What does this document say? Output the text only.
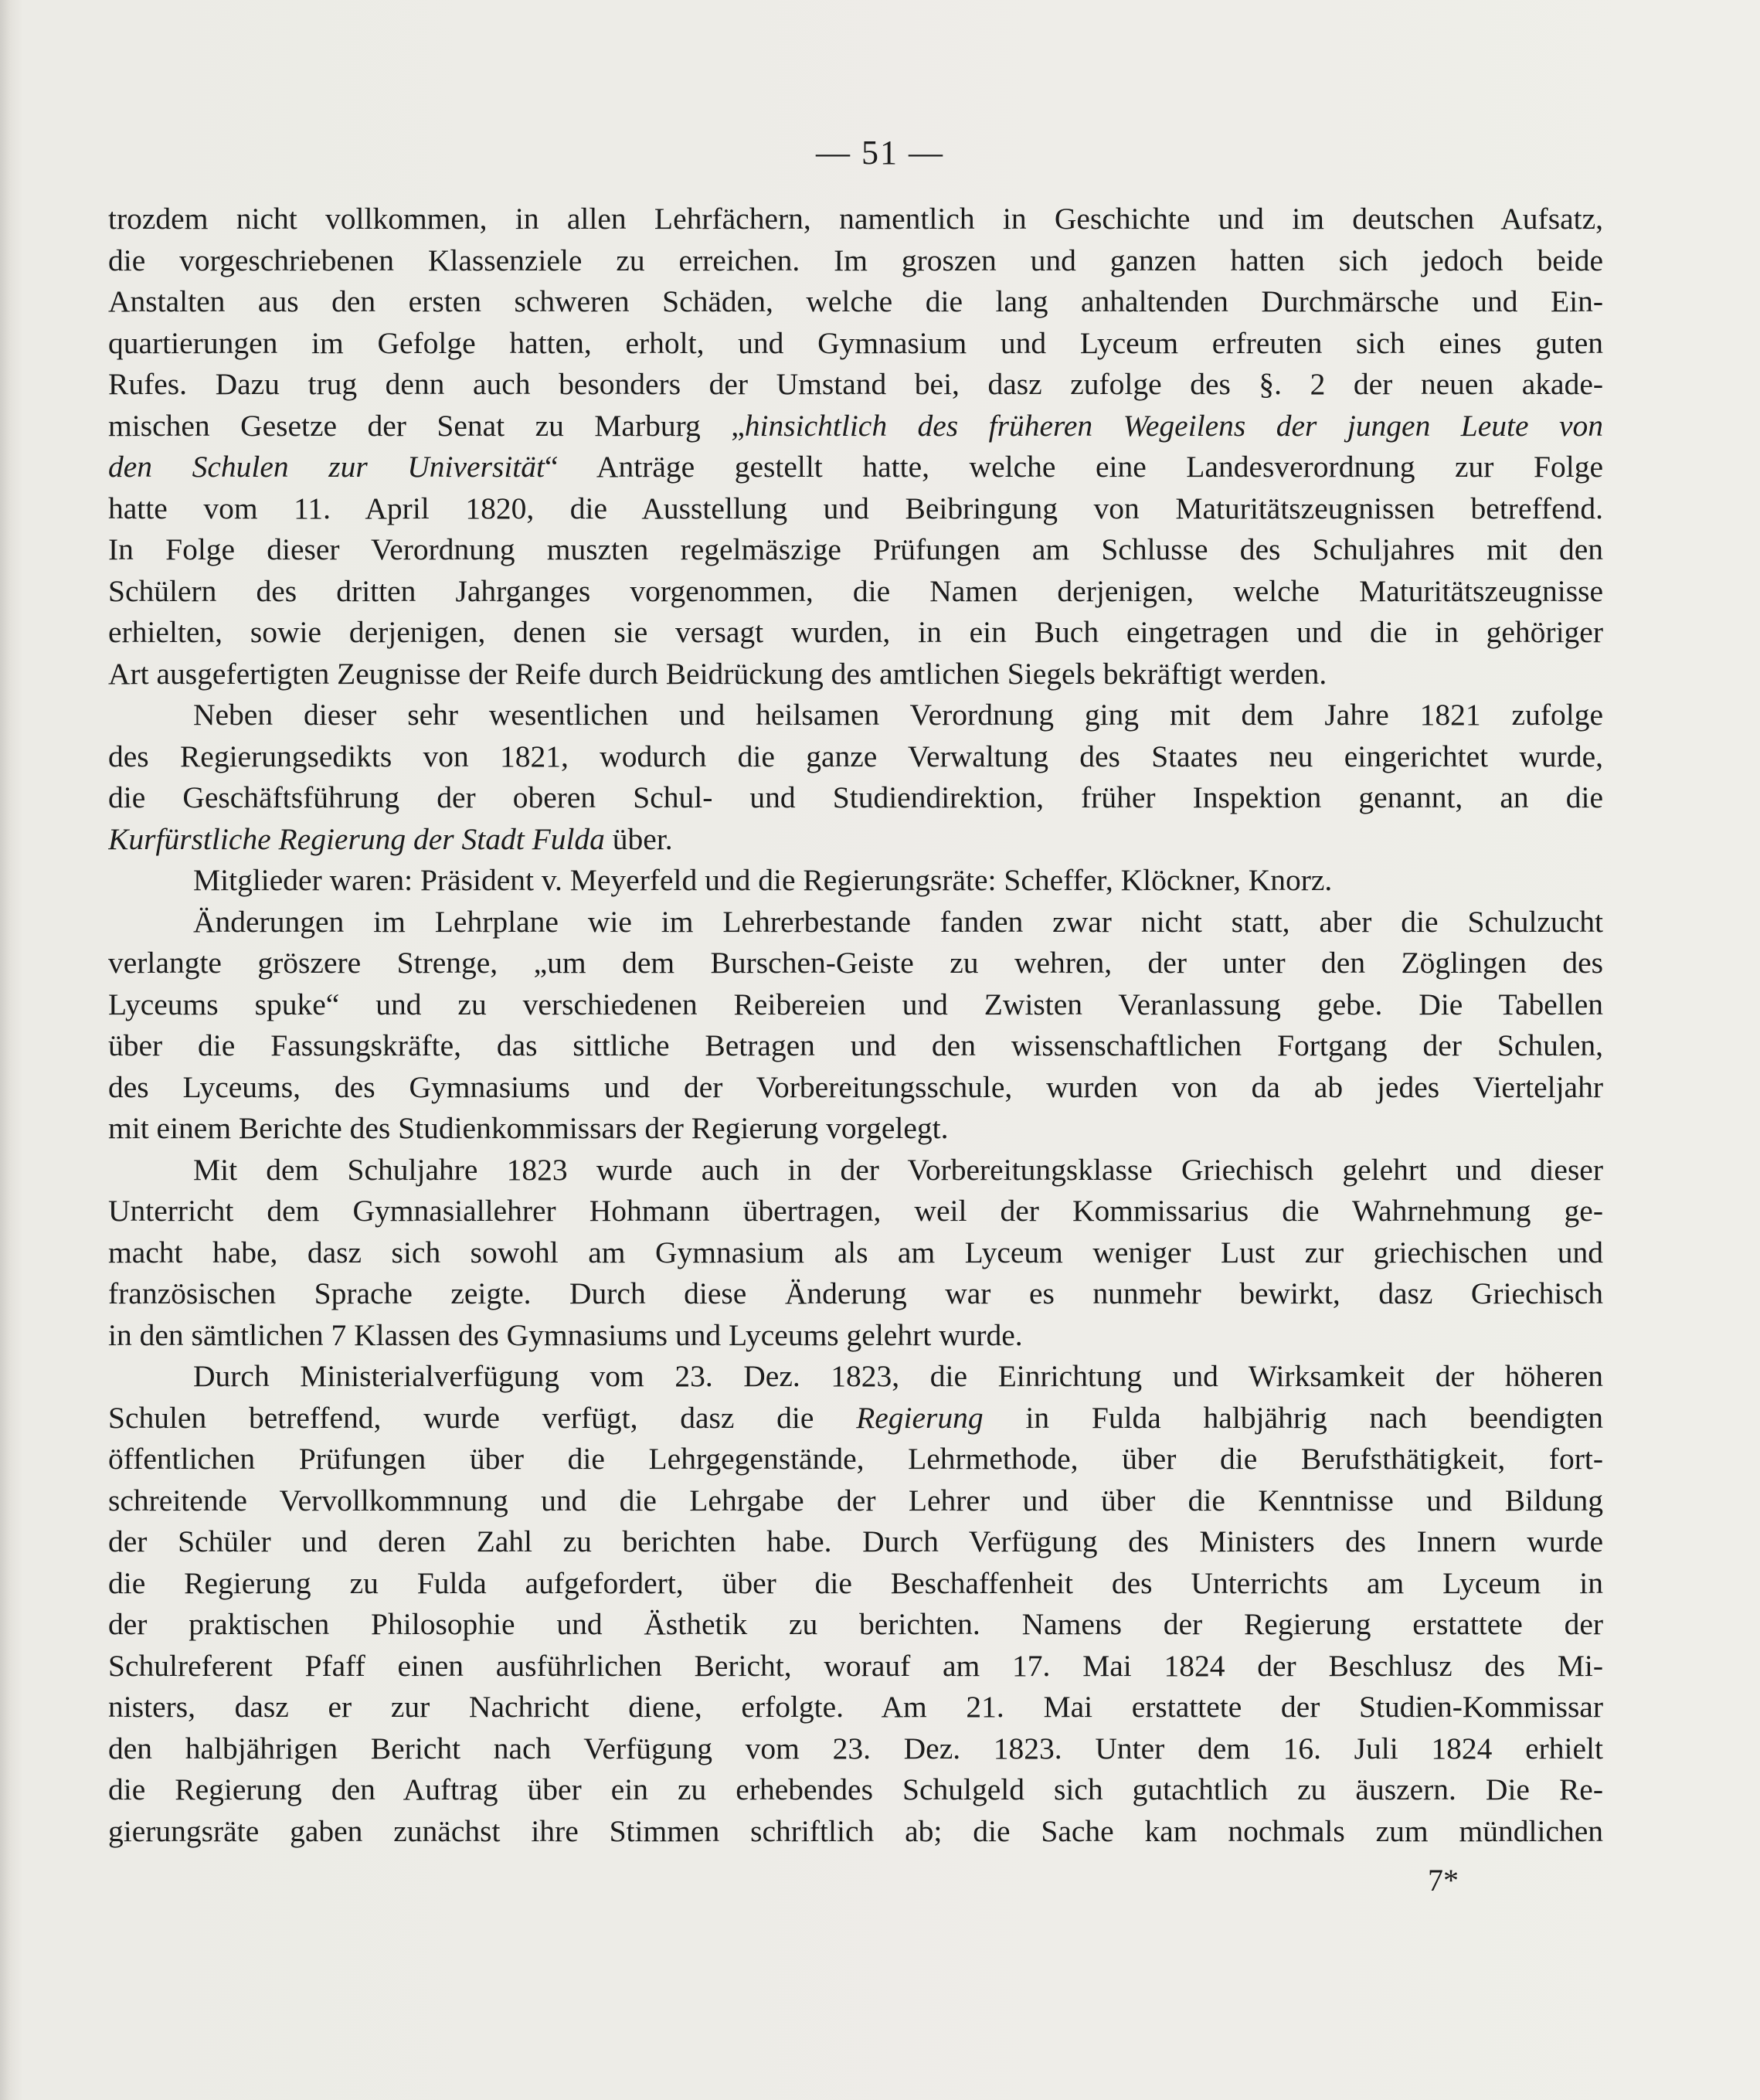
— 51 —
trozdem nicht vollkommen, in allen Lehrfächern, namentlich in Geschichte und im deutschen Aufsatz,
die vorgeschriebenen Klassenziele zu erreichen. Im groszen und ganzen hatten sich jedoch beide
Anstalten aus den ersten schweren Schäden, welche die lang anhaltenden Durchmärsche und Ein-
quartierungen im Gefolge hatten, erholt, und Gymnasium und Lyceum erfreuten sich eines guten
Rufes. Dazu trug denn auch besonders der Umstand bei, dasz zufolge des §. 2 der neuen akade-
mischen Gesetze der Senat zu Marburg „hinsichtlich des früheren Wegeilens der jungen Leute von
den Schulen zur Universität“ Anträge gestellt hatte, welche eine Landesverordnung zur Folge
hatte vom 11. April 1820, die Ausstellung und Beibringung von Maturitätszeugnissen betreffend.
In Folge dieser Verordnung muszten regelmäszige Prüfungen am Schlusse des Schuljahres mit den
Schülern des dritten Jahrganges vorgenommen, die Namen derjenigen, welche Maturitätszeugnisse
erhielten, sowie derjenigen, denen sie versagt wurden, in ein Buch eingetragen und die in gehöriger
Art ausgefertigten Zeugnisse der Reife durch Beidrückung des amtlichen Siegels bekräftigt werden.
Neben dieser sehr wesentlichen und heilsamen Verordnung ging mit dem Jahre 1821 zufolge
des Regierungsedikts von 1821, wodurch die ganze Verwaltung des Staates neu eingerichtet wurde,
die Geschäftsführung der oberen Schul- und Studiendirektion, früher Inspektion genannt, an die
Kurfürstliche Regierung der Stadt Fulda über.
Mitglieder waren: Präsident v. Meyerfeld und die Regierungsräte: Scheffer, Klöckner, Knorz.
Änderungen im Lehrplane wie im Lehrerbestande fanden zwar nicht statt, aber die Schulzucht
verlangte gröszere Strenge, „um dem Burschen-Geiste zu wehren, der unter den Zöglingen des
Lyceums spuke“ und zu verschiedenen Reibereien und Zwisten Veranlassung gebe. Die Tabellen
über die Fassungskräfte, das sittliche Betragen und den wissenschaftlichen Fortgang der Schulen,
des Lyceums, des Gymnasiums und der Vorbereitungsschule, wurden von da ab jedes Vierteljahr
mit einem Berichte des Studienkommissars der Regierung vorgelegt.
Mit dem Schuljahre 1823 wurde auch in der Vorbereitungsklasse Griechisch gelehrt und dieser
Unterricht dem Gymnasiallehrer Hohmann übertragen, weil der Kommissarius die Wahrnehmung ge-
macht habe, dasz sich sowohl am Gymnasium als am Lyceum weniger Lust zur griechischen und
französischen Sprache zeigte. Durch diese Änderung war es nunmehr bewirkt, dasz Griechisch
in den sämtlichen 7 Klassen des Gymnasiums und Lyceums gelehrt wurde.
Durch Ministerialverfügung vom 23. Dez. 1823, die Einrichtung und Wirksamkeit der höheren
Schulen betreffend, wurde verfügt, dasz die Regierung in Fulda halbjährig nach beendigten
öffentlichen Prüfungen über die Lehrgegenstände, Lehrmethode, über die Berufsthätigkeit, fort-
schreitende Vervollkommnung und die Lehrgabe der Lehrer und über die Kenntnisse und Bildung
der Schüler und deren Zahl zu berichten habe. Durch Verfügung des Ministers des Innern wurde
die Regierung zu Fulda aufgefordert, über die Beschaffenheit des Unterrichts am Lyceum in
der praktischen Philosophie und Ästhetik zu berichten. Namens der Regierung erstattete der
Schulreferent Pfaff einen ausführlichen Bericht, worauf am 17. Mai 1824 der Beschlusz des Mi-
nisters, dasz er zur Nachricht diene, erfolgte. Am 21. Mai erstattete der Studien-Kommissar
den halbjährigen Bericht nach Verfügung vom 23. Dez. 1823. Unter dem 16. Juli 1824 erhielt
die Regierung den Auftrag über ein zu erhebendes Schulgeld sich gutachtlich zu äuszern. Die Re-
gierungsräte gaben zunächst ihre Stimmen schriftlich ab; die Sache kam nochmals zum mündlichen
7*
